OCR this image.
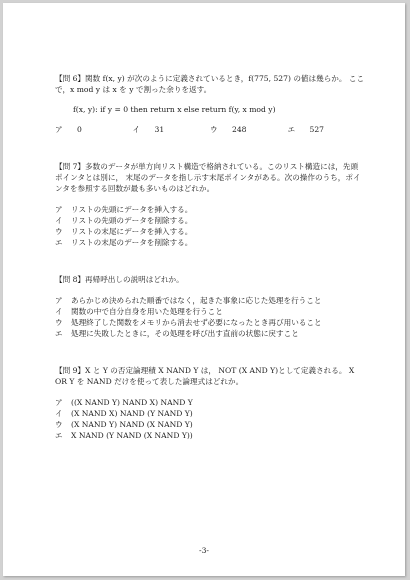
【問 6】関数 f(x, y) が次のように定義されているとき，f(775, 527) の値は幾らか。 ここで，x mod y は x を y で割った余りを返す。

f(x, y): if y = 0 then return x else return f(y, x mod y)
ア	0	イ	31	ウ	248	エ	527

【問 7】多数のデータが単方向リスト構造で格納されている。このリスト構造には，先頭ポインタとは別に， 末尾のデータを指し示す末尾ポインタがある。次の操作のうち，ポインタを参照する回数が最も多いものはどれか。

ア	リストの先頭にデータを挿入する。
イ	リストの先頭のデータを削除する。
ウ	リストの末尾にデータを挿入する。
エ	リストの末尾のデータを削除する。

【問 8】再帰呼出しの説明はどれか。

ア	あらかじめ決められた順番ではなく，起きた事象に応じた処理を行うこと
イ	関数の中で自分自身を用いた処理を行うこと
ウ	処理終了した関数をメモリから消去せず必要になったとき再び用いること
エ	処理に失敗したときに，その処理を呼び出す直前の状態に戻すこと

【問 9】X と Y の否定論理積 X NAND Y は， NOT (X AND Y)として定義される。 X OR Y を NAND だけを使って表した論理式はどれか。

ア	((X NAND Y) NAND X) NAND Y
イ	(X NAND X) NAND (Y NAND Y)
ウ	(X NAND Y) NAND (X NAND Y)
エ	X NAND (Y NAND (X NAND Y))
-3-
